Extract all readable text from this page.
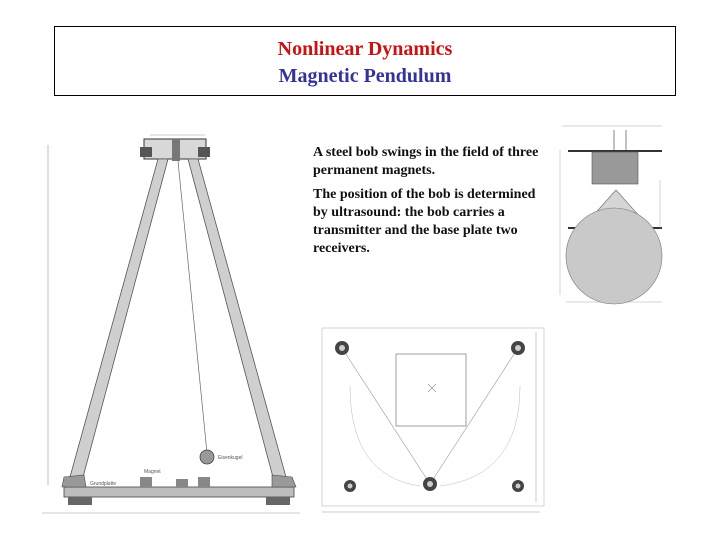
Nonlinear Dynamics
Magnetic Pendulum

A steel bob swings in the field of three permanent magnets.

The position of the bob is determined by ultrasound: the bob carries a transmitter and the base plate two receivers.

Eisenkugel
Magnet
Grundplatte
